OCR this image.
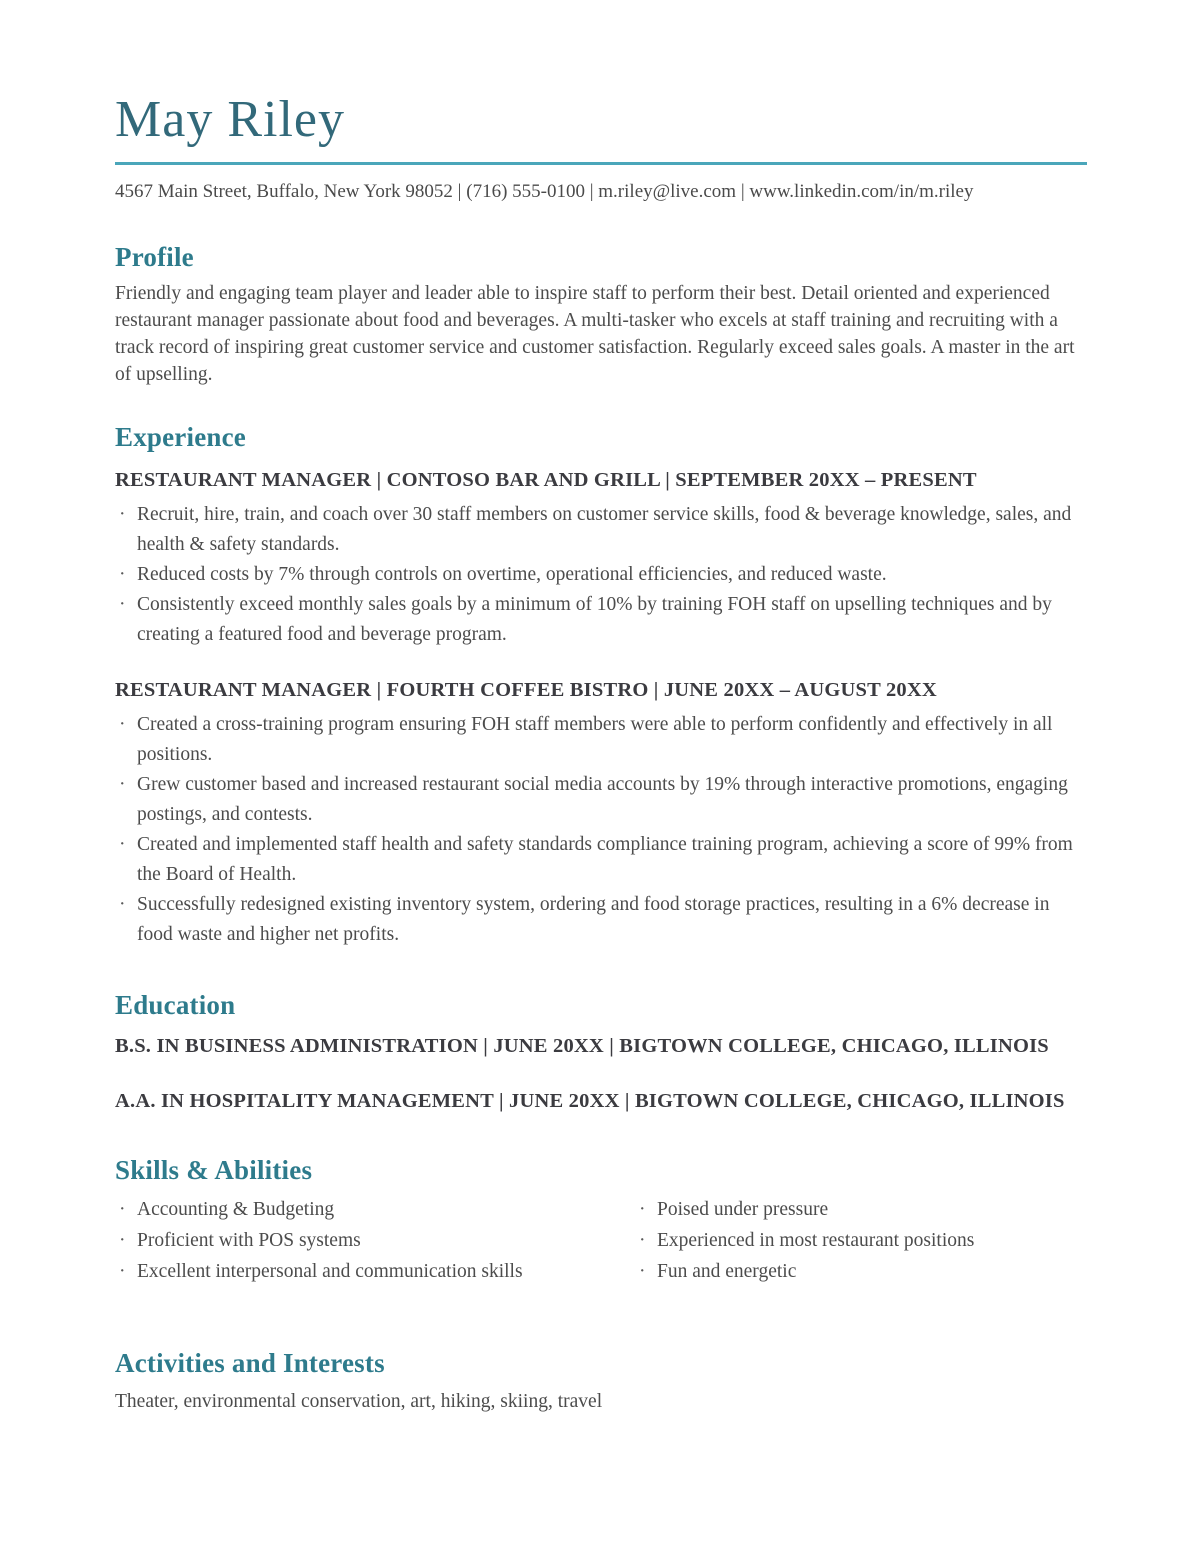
May Riley
4567 Main Street, Buffalo, New York 98052 | (716) 555-0100 | m.riley@live.com | www.linkedin.com/in/m.riley
Profile
Friendly and engaging team player and leader able to inspire staff to perform their best. Detail oriented and experienced restaurant manager passionate about food and beverages. A multi-tasker who excels at staff training and recruiting with a track record of inspiring great customer service and customer satisfaction. Regularly exceed sales goals. A master in the art of upselling.
Experience
RESTAURANT MANAGER | CONTOSO BAR AND GRILL | SEPTEMBER 20XX – PRESENT
· Recruit, hire, train, and coach over 30 staff members on customer service skills, food & beverage knowledge, sales, and health & safety standards.
· Reduced costs by 7% through controls on overtime, operational efficiencies, and reduced waste.
· Consistently exceed monthly sales goals by a minimum of 10% by training FOH staff on upselling techniques and by creating a featured food and beverage program.
RESTAURANT MANAGER | FOURTH COFFEE BISTRO | JUNE 20XX – AUGUST 20XX
· Created a cross-training program ensuring FOH staff members were able to perform confidently and effectively in all positions.
· Grew customer based and increased restaurant social media accounts by 19% through interactive promotions, engaging postings, and contests.
· Created and implemented staff health and safety standards compliance training program, achieving a score of 99% from the Board of Health.
· Successfully redesigned existing inventory system, ordering and food storage practices, resulting in a 6% decrease in food waste and higher net profits.
Education
B.S. IN BUSINESS ADMINISTRATION | JUNE 20XX | BIGTOWN COLLEGE, CHICAGO, ILLINOIS
A.A. IN HOSPITALITY MANAGEMENT | JUNE 20XX | BIGTOWN COLLEGE, CHICAGO, ILLINOIS
Skills & Abilities
· Accounting & Budgeting
· Proficient with POS systems
· Excellent interpersonal and communication skills
· Poised under pressure
· Experienced in most restaurant positions
· Fun and energetic
Activities and Interests
Theater, environmental conservation, art, hiking, skiing, travel
